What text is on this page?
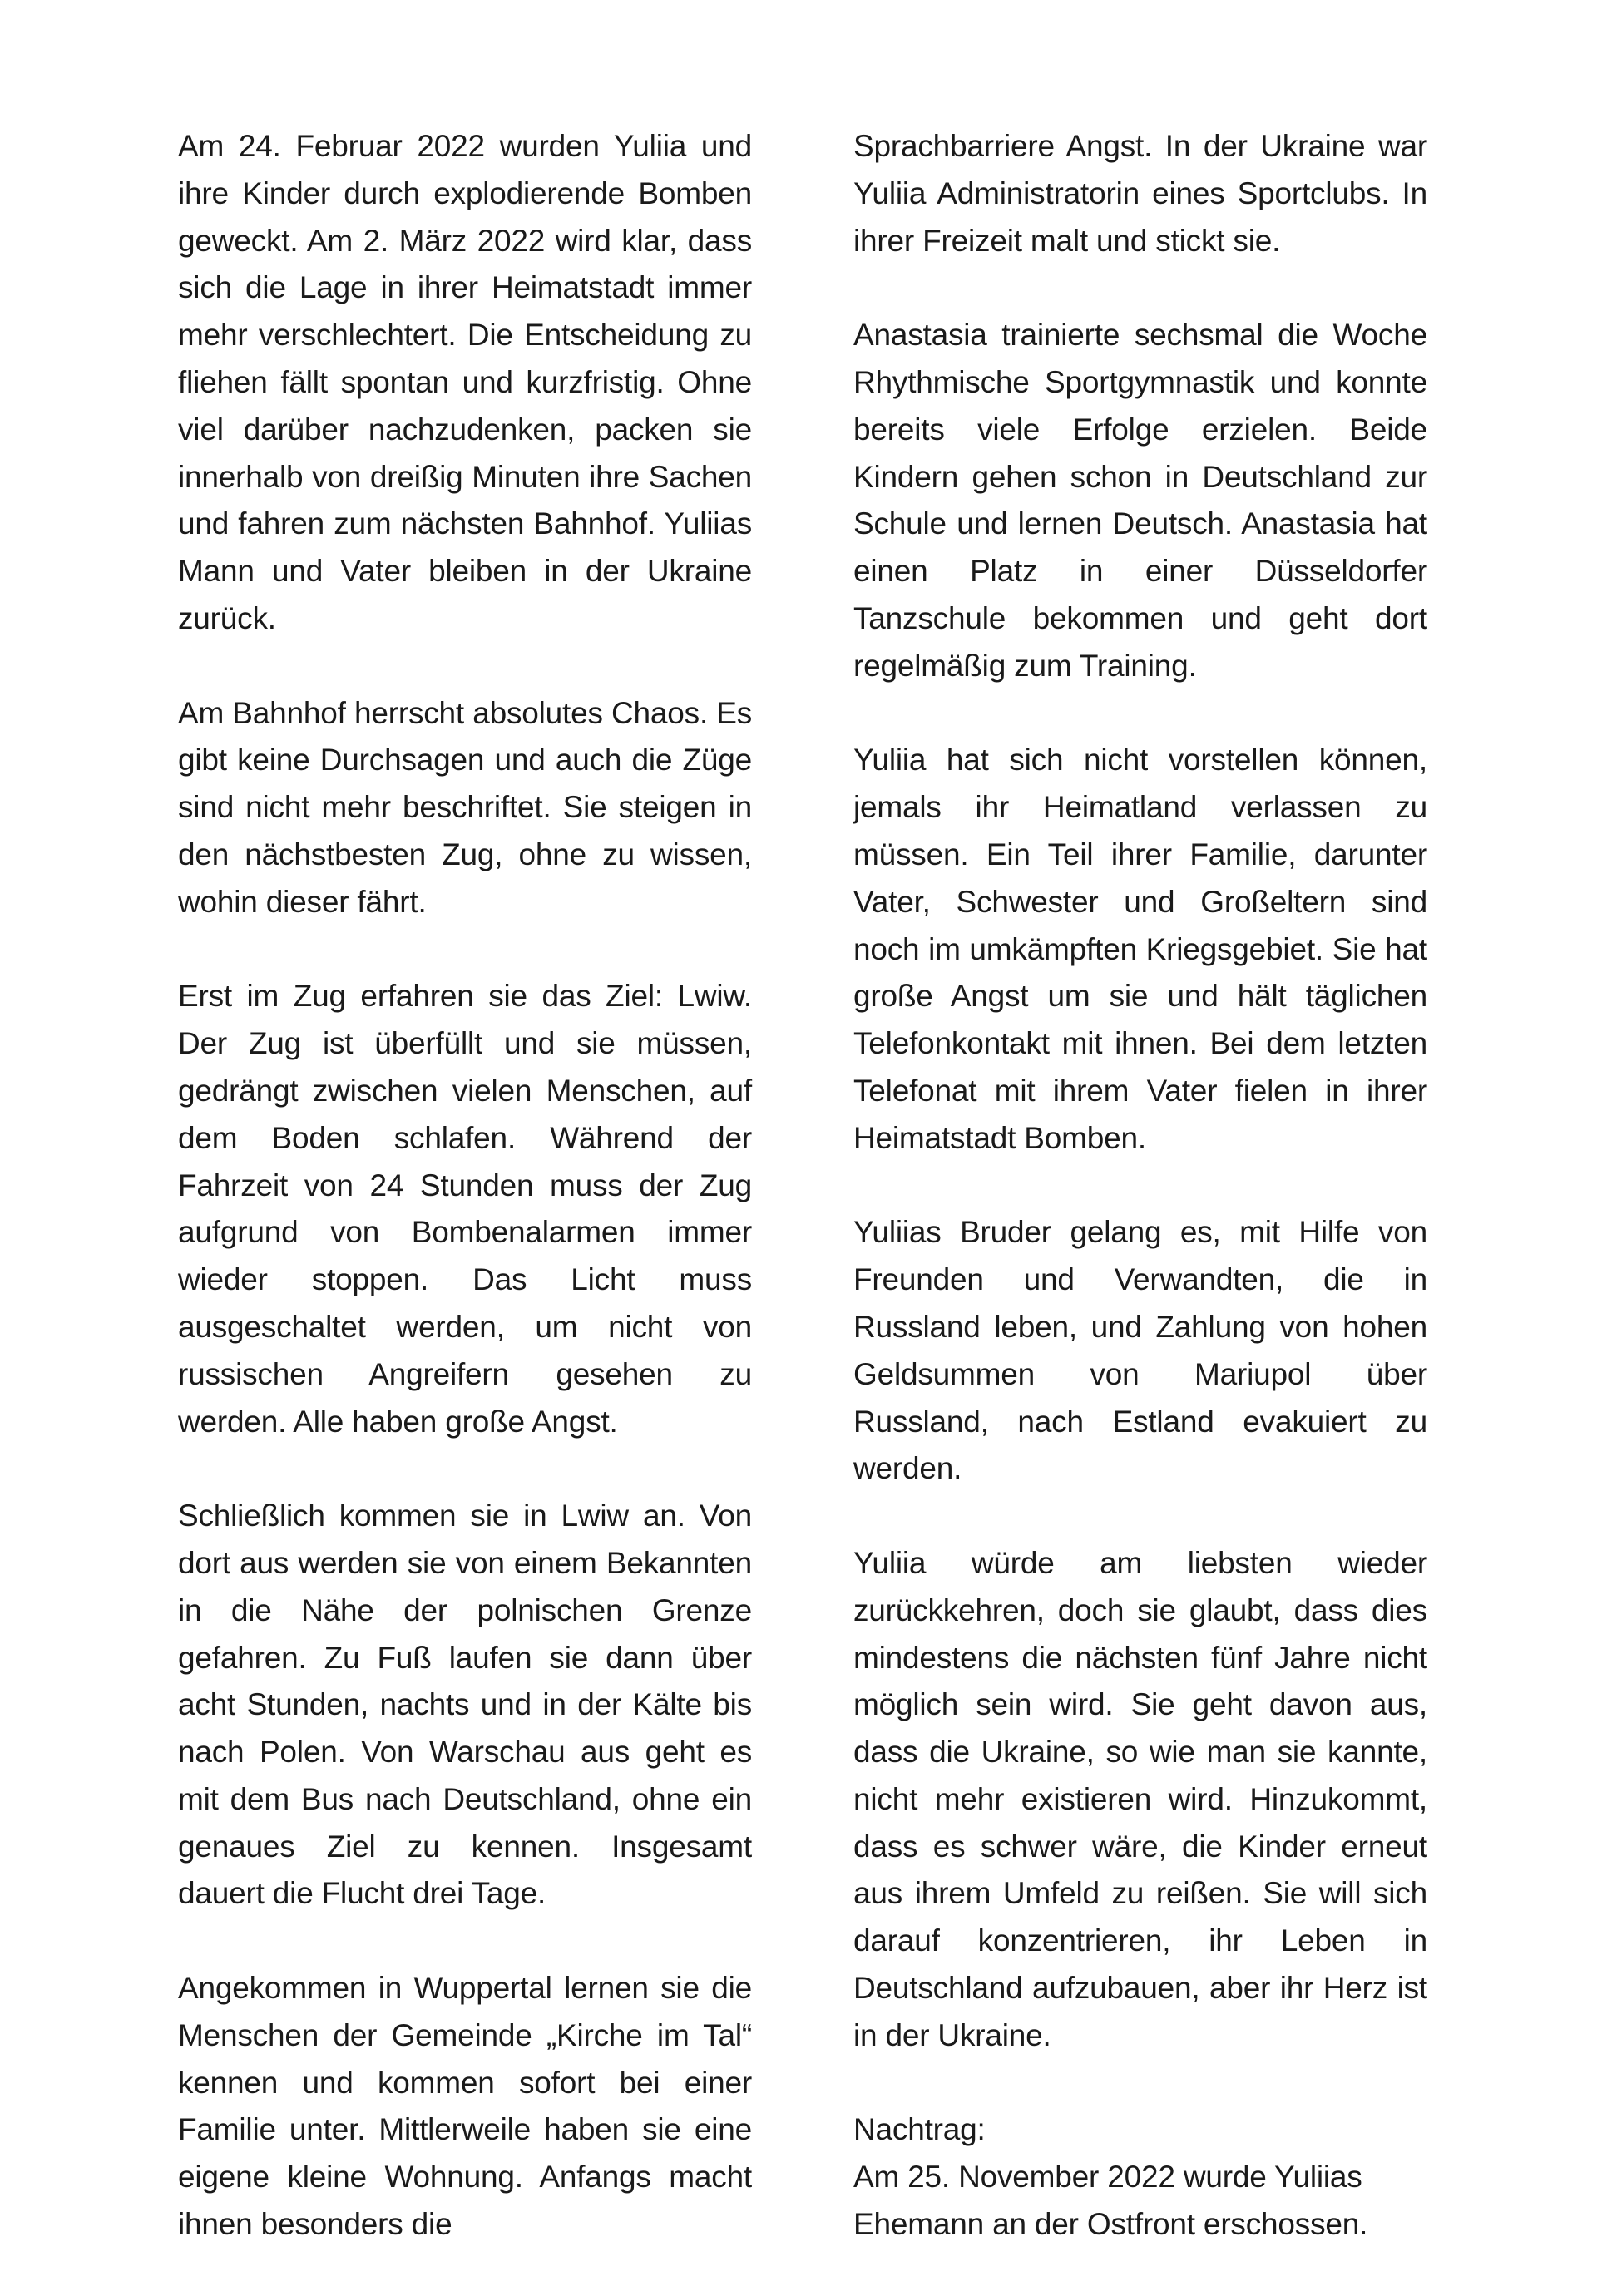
Am 24. Februar 2022 wurden Yuliia und ihre Kinder durch explodierende Bomben geweckt. Am 2. März 2022 wird klar, dass sich die Lage in ihrer Heimatstadt immer mehr verschlechtert. Die Entscheidung zu fliehen fällt spontan und kurzfristig. Ohne viel darüber nachzudenken, packen sie innerhalb von dreißig Minuten ihre Sachen und fahren zum nächsten Bahnhof. Yuliias Mann und Vater bleiben in der Ukraine zurück.

Am Bahnhof herrscht absolutes Chaos. Es gibt keine Durchsagen und auch die Züge sind nicht mehr beschriftet. Sie steigen in den nächstbesten Zug, ohne zu wissen, wohin dieser fährt.

Erst im Zug erfahren sie das Ziel: Lwiw. Der Zug ist überfüllt und sie müssen, gedrängt zwischen vielen Menschen, auf dem Boden schlafen. Während der Fahrzeit von 24 Stunden muss der Zug aufgrund von Bombenalarmen immer wieder stoppen. Das Licht muss ausgeschaltet werden, um nicht von russischen Angreifern gesehen zu werden. Alle haben große Angst.

Schließlich kommen sie in Lwiw an. Von dort aus werden sie von einem Bekannten in die Nähe der polnischen Grenze gefahren. Zu Fuß laufen sie dann über acht Stunden, nachts und in der Kälte bis nach Polen. Von Warschau aus geht es mit dem Bus nach Deutschland, ohne ein genaues Ziel zu kennen. Insgesamt dauert die Flucht drei Tage.

Angekommen in Wuppertal lernen sie die Menschen der Gemeinde „Kirche im Tal“ kennen und kommen sofort bei einer Familie unter. Mittlerweile haben sie eine eigene kleine Wohnung. Anfangs macht ihnen besonders die

Sprachbarriere Angst. In der Ukraine war Yuliia Administratorin eines Sportclubs. In ihrer Freizeit malt und stickt sie.

Anastasia trainierte sechsmal die Woche Rhythmische Sportgymnastik und konnte bereits viele Erfolge erzielen. Beide Kindern gehen schon in Deutschland zur Schule und lernen Deutsch. Anastasia hat einen Platz in einer Düsseldorfer Tanzschule bekommen und geht dort regelmäßig zum Training.

Yuliia hat sich nicht vorstellen können, jemals ihr Heimatland verlassen zu müssen. Ein Teil ihrer Familie, darunter Vater, Schwester und Großeltern sind noch im umkämpften Kriegsgebiet. Sie hat große Angst um sie und hält täglichen Telefonkontakt mit ihnen. Bei dem letzten Telefonat mit ihrem Vater fielen in ihrer Heimatstadt Bomben.

Yuliias Bruder gelang es, mit Hilfe von Freunden und Verwandten, die in Russland leben, und Zahlung von hohen Geldsummen von Mariupol über Russland, nach Estland evakuiert zu werden.

Yuliia würde am liebsten wieder zurückkehren, doch sie glaubt, dass dies mindestens die nächsten fünf Jahre nicht möglich sein wird. Sie geht davon aus, dass die Ukraine, so wie man sie kannte, nicht mehr existieren wird. Hinzukommt, dass es schwer wäre, die Kinder erneut aus ihrem Umfeld zu reißen. Sie will sich darauf konzentrieren, ihr Leben in Deutschland aufzubauen, aber ihr Herz ist in der Ukraine.

Nachtrag:

Am 25. November 2022 wurde Yuliias Ehemann an der Ostfront erschossen.
